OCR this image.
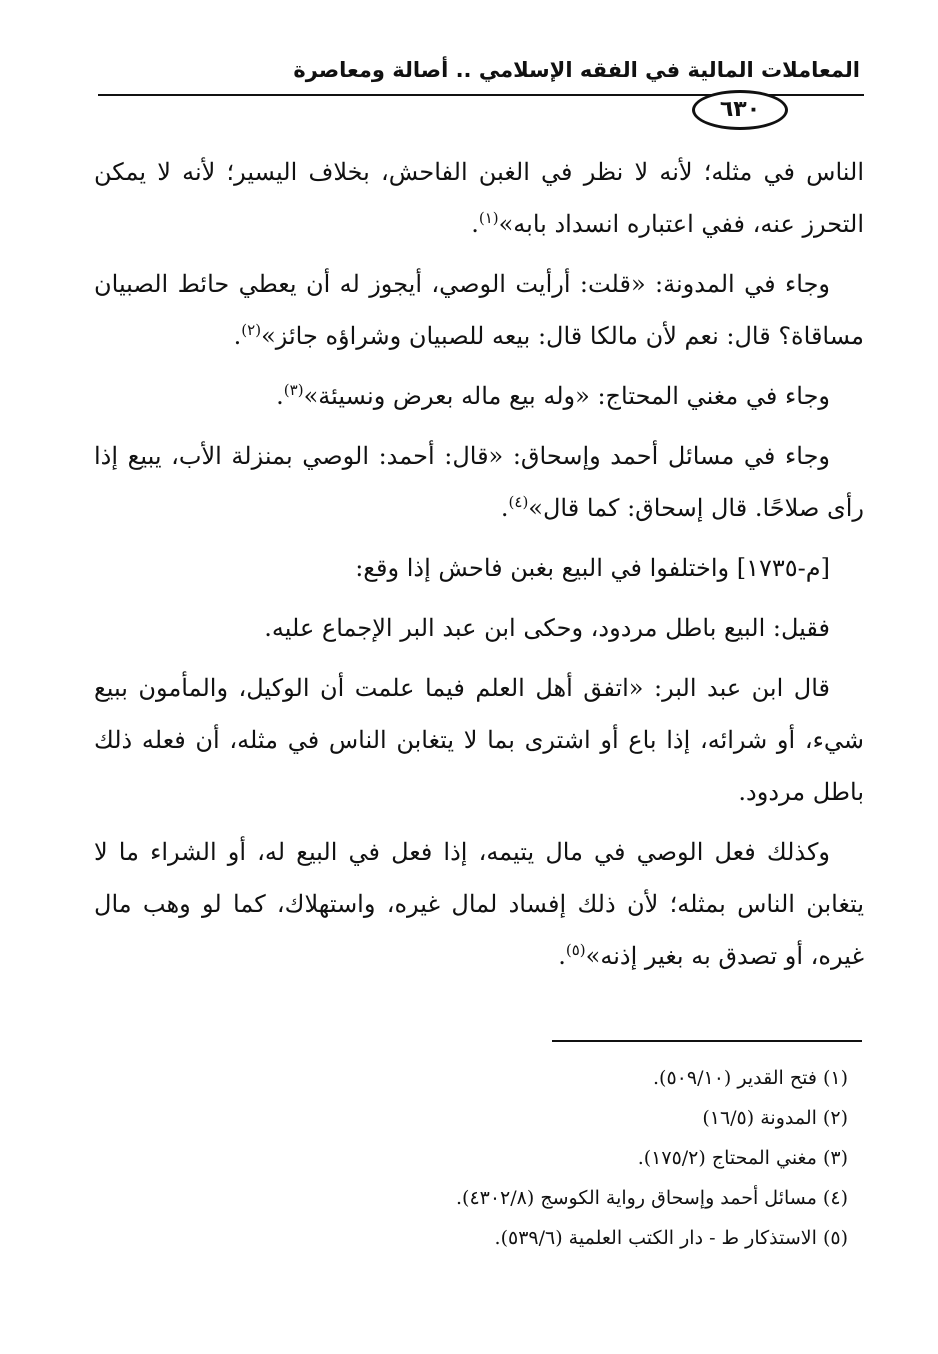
المعاملات المالية في الفقه الإسلامي .. أصالة ومعاصرة
٦٣٠

الناس في مثله؛ لأنه لا نظر في الغبن الفاحش، بخلاف اليسير؛ لأنه لا يمكن التحرز عنه، ففي اعتباره انسداد بابه»$^{(١)}$.

وجاء في المدونة: «قلت: أرأيت الوصي، أيجوز له أن يعطي حائط الصبيان مساقاة؟ قال: نعم لأن مالكا قال: بيعه للصبيان وشراؤه جائز»$^{(٢)}$.

وجاء في مغني المحتاج: «وله بيع ماله بعرض ونسيئة»$^{(٣)}$.

وجاء في مسائل أحمد وإسحاق: «قال: أحمد: الوصي بمنزلة الأب، يبيع إذا رأى صلاحًا. قال إسحاق: كما قال»$^{(٤)}$.

[م-١٧٣٥] واختلفوا في البيع بغبن فاحش إذا وقع:

فقيل: البيع باطل مردود، وحكى ابن عبد البر الإجماع عليه.

قال ابن عبد البر: «اتفق أهل العلم فيما علمت أن الوكيل، والمأمون ببيع شيء، أو شرائه، إذا باع أو اشترى بما لا يتغابن الناس في مثله، أن فعله ذلك باطل مردود.

وكذلك فعل الوصي في مال يتيمه، إذا فعل في البيع له، أو الشراء ما لا يتغابن الناس بمثله؛ لأن ذلك إفساد لمال غيره، واستهلاك، كما لو وهب مال غيره، أو تصدق به بغير إذنه»$^{(٥)}$.

(١) فتح القدير (٥٠٩/١٠).
(٢) المدونة (١٦/٥)
(٣) مغني المحتاج (١٧٥/٢).
(٤) مسائل أحمد وإسحاق رواية الكوسج (٤٣٠٢/٨).
(٥) الاستذكار ط - دار الكتب العلمية (٥٣٩/٦).
